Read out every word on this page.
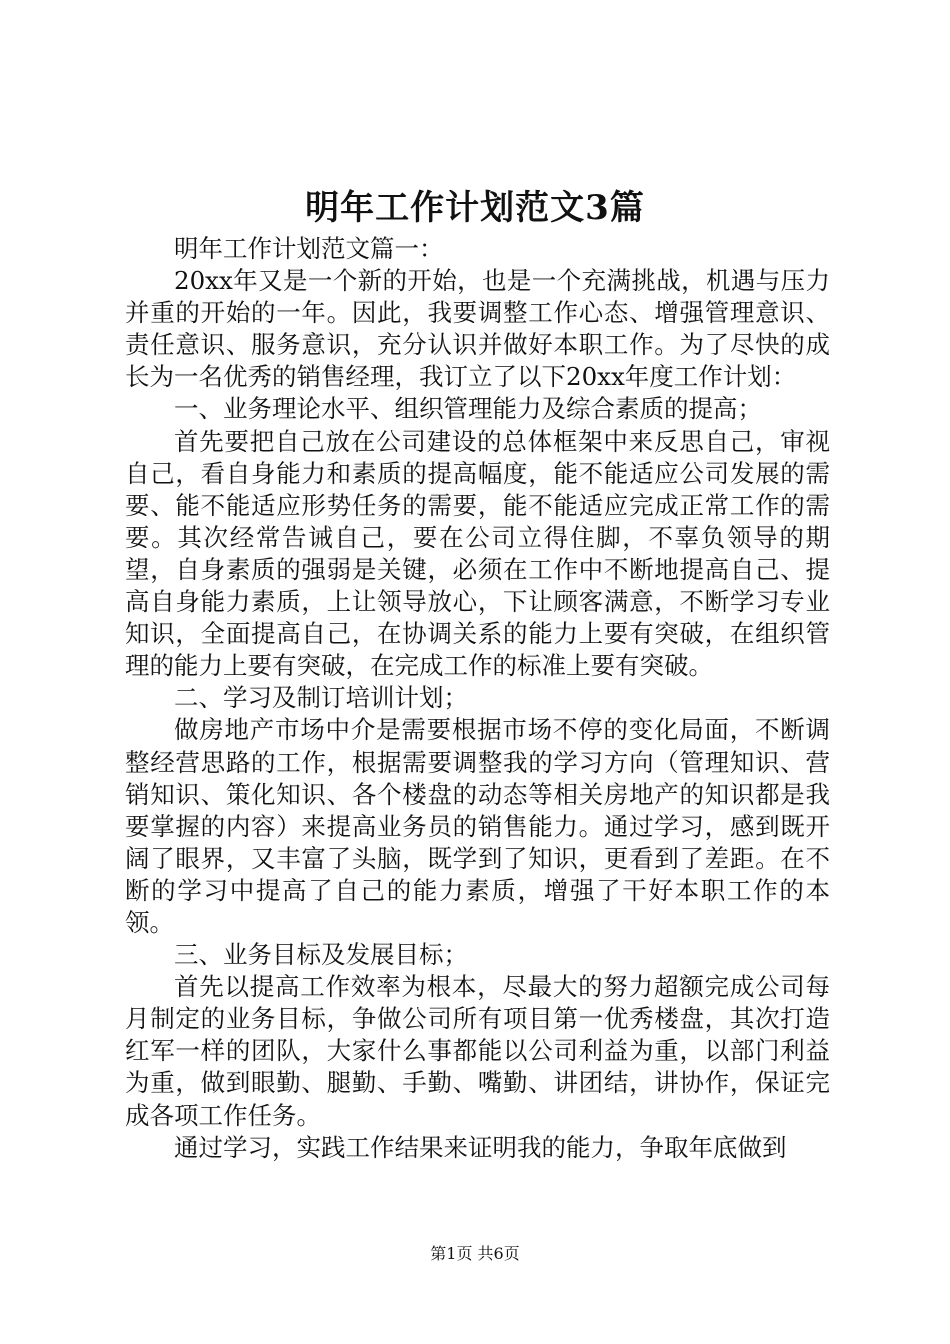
明年工作计划范文3篇

明年工作计划范文篇一：

20xx年又是一个新的开始，也是一个充满挑战，机遇与压力并重的开始的一年。因此，我要调整工作心态、增强管理意识、责任意识、服务意识，充分认识并做好本职工作。为了尽快的成长为一名优秀的销售经理，我订立了以下20xx年度工作计划：

一、业务理论水平、组织管理能力及综合素质的提高；

首先要把自己放在公司建设的总体框架中来反思自己，审视自己，看自身能力和素质的提高幅度，能不能适应公司发展的需要、能不能适应形势任务的需要，能不能适应完成正常工作的需要。其次经常告诫自己，要在公司立得住脚，不辜负领导的期望，自身素质的强弱是关键，必须在工作中不断地提高自己、提高自身能力素质，上让领导放心，下让顾客满意，不断学习专业知识，全面提高自己，在协调关系的能力上要有突破，在组织管理的能力上要有突破，在完成工作的标准上要有突破。

二、学习及制订培训计划；

做房地产市场中介是需要根据市场不停的变化局面，不断调整经营思路的工作，根据需要调整我的学习方向（管理知识、营销知识、策化知识、各个楼盘的动态等相关房地产的知识都是我要掌握的内容）来提高业务员的销售能力。通过学习，感到既开阔了眼界，又丰富了头脑，既学到了知识，更看到了差距。在不断的学习中提高了自己的能力素质，增强了干好本职工作的本领。

三、业务目标及发展目标；

首先以提高工作效率为根本，尽最大的努力超额完成公司每月制定的业务目标，争做公司所有项目第一优秀楼盘，其次打造红军一样的团队，大家什么事都能以公司利益为重，以部门利益为重，做到眼勤、腿勤、手勤、嘴勤、讲团结，讲协作，保证完成各项工作任务。

通过学习，实践工作结果来证明我的能力，争取年底做到

第1页 共6页
